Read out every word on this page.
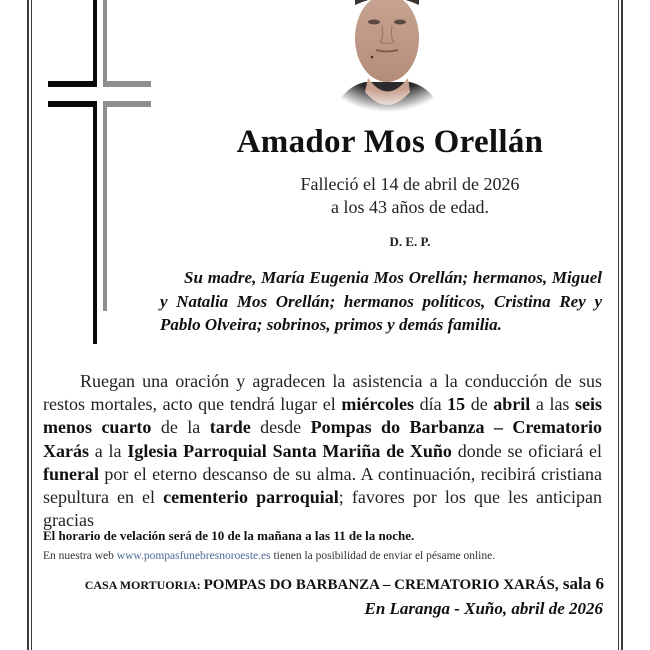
Amador Mos Orellán
Falleció el 14 de abril de 2026
a los 43 años de edad.
D. E. P.
Su madre, María Eugenia Mos Orellán; hermanos, Miguel y Natalia Mos Orellán; hermanos políticos, Cristina Rey y Pablo Olveira; sobrinos, primos y demás familia.
Ruegan una oración y agradecen la asistencia a la conducción de sus restos mortales, acto que tendrá lugar el miércoles día 15 de abril a las seis menos cuarto de la tarde desde Pompas do Barbanza – Crematorio Xarás a la Iglesia Parroquial Santa Mariña de Xuño donde se oficiará el funeral por el eterno descanso de su alma. A continuación, recibirá cristiana sepultura en el cementerio parroquial; favores por los que les anticipan gracias
El horario de velación será de 10 de la mañana a las 11 de la noche.
En nuestra web www.pompasfunebresnoroeste.es tienen la posibilidad de enviar el pésame online.
CASA MORTUORIA: POMPAS DO BARBANZA – CREMATORIO XARÁS, sala 6
En Laranga - Xuño, abril de 2026
